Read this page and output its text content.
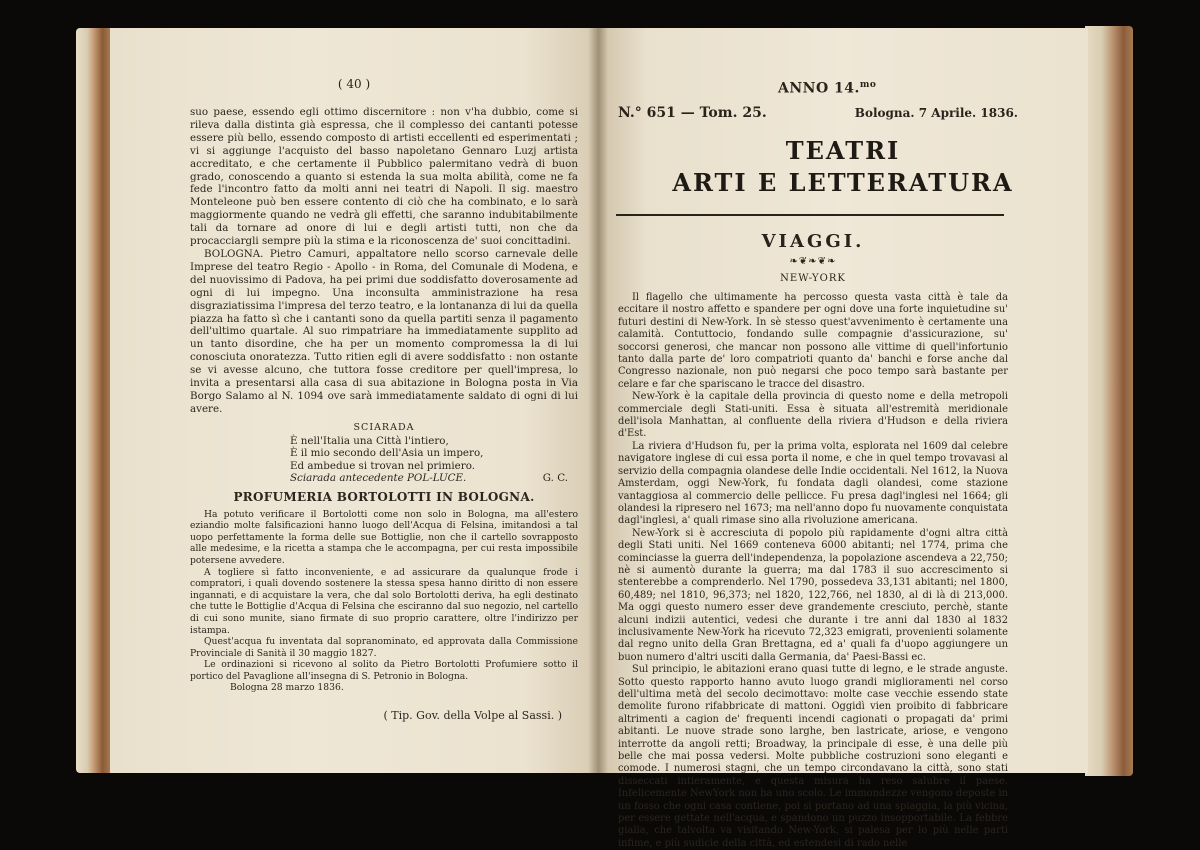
( 40 )

suo paese, essendo egli ottimo discernitore : non v'ha dubbio, come si rileva dalla distinta già espressa, che il complesso dei cantanti potesse essere più bello, essendo composto di artisti eccellenti ed esperimentati ; vi si aggiunge l'acquisto del basso napoletano Gennaro Luzj artista accreditato, e che certamente il Pubblico palermitano vedrà di buon grado, conoscendo a quanto si estenda la sua molta abilità, come ne fa fede l'incontro fatto da molti anni nei teatri di Napoli. Il sig. maestro Monteleone può ben essere contento di ciò che ha combinato, e lo sarà maggiormente quando ne vedrà gli effetti, che saranno indubitabilmente tali da tornare ad onore di lui e degli artisti tutti, non che da procacciargli sempre più la stima e la riconoscenza de' suoi concittadini.

BOLOGNA. Pietro Camuri, appaltatore nello scorso carnevale delle Imprese del teatro Regio - Apollo - in Roma, del Comunale di Modena, e del nuovissimo di Padova, ha pei primi due soddisfatto doverosamente ad ogni di lui impegno. Una inconsulta amministrazione ha resa disgraziatissima l'impresa del terzo teatro, e la lontananza di lui da quella piazza ha fatto sì che i cantanti sono da quella partiti senza il pagamento dell'ultimo quartale. Al suo rimpatriare ha immediatamente supplito ad un tanto disordine, che ha per un momento compromessa la di lui conosciuta onoratezza. Tutto ritien egli di avere soddisfatto : non ostante se vi avesse alcuno, che tuttora fosse creditore per quell'impresa, lo invita a presentarsi alla casa di sua abitazione in Bologna posta in Via Borgo Salamo al N. 1094 ove sarà immediatamente saldato di ogni di lui avere.

SCIARADA
È nell'Italia una Città l'intiero,
È il mio secondo dell'Asia un impero,
Ed ambedue si trovan nel primiero.
Sciarada antecedente POL-LUCE.	G. C.
PROFUMERIA BORTOLOTTI IN BOLOGNA.

Ha potuto verificare il Bortolotti come non solo in Bologna, ma all'estero eziandio molte falsificazioni hanno luogo dell'Acqua di Felsina, imitandosi a tal uopo perfettamente la forma delle sue Bottiglie, non che il cartello sovrapposto alle medesime, e la ricetta a stampa che le accompagna, per cui resta impossibile potersene avvedere.

A togliere sì fatto inconveniente, e ad assicurare da qualunque frode i compratori, i quali dovendo sostenere la stessa spesa hanno diritto di non essere ingannati, e di acquistare la vera, che dal solo Bortolotti deriva, ha egli destinato che tutte le Bottiglie d'Acqua di Felsina che esciranno dal suo negozio, nel cartello di cui sono munite, siano firmate di suo proprio carattere, oltre l'indirizzo per istampa.

Quest'acqua fu inventata dal sopranominato, ed approvata dalla Commissione Provinciale di Sanità il 30 maggio 1827.

Le ordinazioni si ricevono al solito da Pietro Bortolotti Profumiere sotto il portico del Pavaglione all'insegna di S. Petronio in Bologna.

Bologna 28 marzo 1836.
( Tip. Gov. della Volpe al Sassi. )
ANNO 14.$^{mo}$
N.° 651 — Tom. 25.	Bologna. 7 Aprile. 1836.
TEATRI
ARTI E LETTERATURA
VIAGGI.
❧❦❧❦❧
NEW-YORK

Il flagello che ultimamente ha percosso questa vasta città è tale da eccitare il nostro affetto e spandere per ogni dove una forte inquietudine su' futuri destini di New-York. In sè stesso quest'avvenimento è certamente una calamità. Contuttocio, fondando sulle compagnie d'assicurazione, su' soccorsi generosi, che mancar non possono alle vittime di quell'infortunio tanto dalla parte de' loro compatrioti quanto da' banchi e forse anche dal Congresso nazionale, non può negarsi che poco tempo sarà bastante per celare e far che spariscano le tracce del disastro.

New-York è la capitale della provincia di questo nome e della metropoli commerciale degli Stati-uniti. Essa è situata all'estremità meridionale dell'isola Manhattan, al confluente della riviera d'Hudson e della riviera d'Est.

La riviera d'Hudson fu, per la prima volta, esplorata nel 1609 dal celebre navigatore inglese di cui essa porta il nome, e che in quel tempo trovavasi al servizio della compagnia olandese delle Indie occidentali. Nel 1612, la Nuova Amsterdam, oggi New-York, fu fondata dagli olandesi, come stazione vantaggiosa al commercio delle pellicce. Fu presa dagl'inglesi nel 1664; gli olandesi la ripresero nel 1673; ma nell'anno dopo fu nuovamente conquistata dagl'inglesi, a' quali rimase sino alla rivoluzione americana.

New-York si è accresciuta di popolo più rapidamente d'ogni altra città degli Stati uniti. Nel 1669 conteneva 6000 abitanti; nel 1774, prima che cominciasse la guerra dell'independenza, la popolazione ascendeva a 22,750; nè si aumentò durante la guerra; ma dal 1783 il suo accrescimento si stenterebbe a comprenderlo. Nel 1790, possedeva 33,131 abitanti; nel 1800, 60,489; nel 1810, 96,373; nel 1820, 122,766, nel 1830, al di là di 213,000. Ma oggi questo numero esser deve grandemente cresciuto, perchè, stante alcuni indizii autentici, vedesi che durante i tre anni dal 1830 al 1832 inclusivamente New-York ha ricevuto 72,323 emigrati, provenienti solamente dal regno unito della Gran Brettagna, ed a' quali fa d'uopo aggiungere un buon numero d'altri usciti dalla Germania, da' Paesi-Bassi ec.

Sul principio, le abitazioni erano quasi tutte di legno, e le strade anguste. Sotto questo rapporto hanno avuto luogo grandi miglioramenti nel corso dell'ultima metà del secolo decimottavo: molte case vecchie essendo state demolite furono rifabbricate di mattoni. Oggidì vien proibito di fabbricare altrimenti a cagion de' frequenti incendi cagionati o propagati da' primi abitanti. Le nuove strade sono larghe, ben lastricate, ariose, e vengono interrotte da angoli retti; Broadway, la principale di esse, è una delle più belle che mai possa vedersi. Molte pubbliche costruzioni sono eleganti e comode. I numerosi stagni, che un tempo circondavano la città, sono stati disseccati intieramente, e questa misura ha reso salubre il paese. Infelicemente NewYork non ha uno scolo. Le immondezze vengono deposte in un fosso che ogni casa contiene, poi si portano ad una spiaggia, la più vicina, per essere gettate nell'acqua, e spandono un puzzo insopportabile. La febbre gialla, che talvolta va visitando New-York, si palesa per lo più nelle parti infime, e più sudicie della città, ed estendesi di rado nelle
